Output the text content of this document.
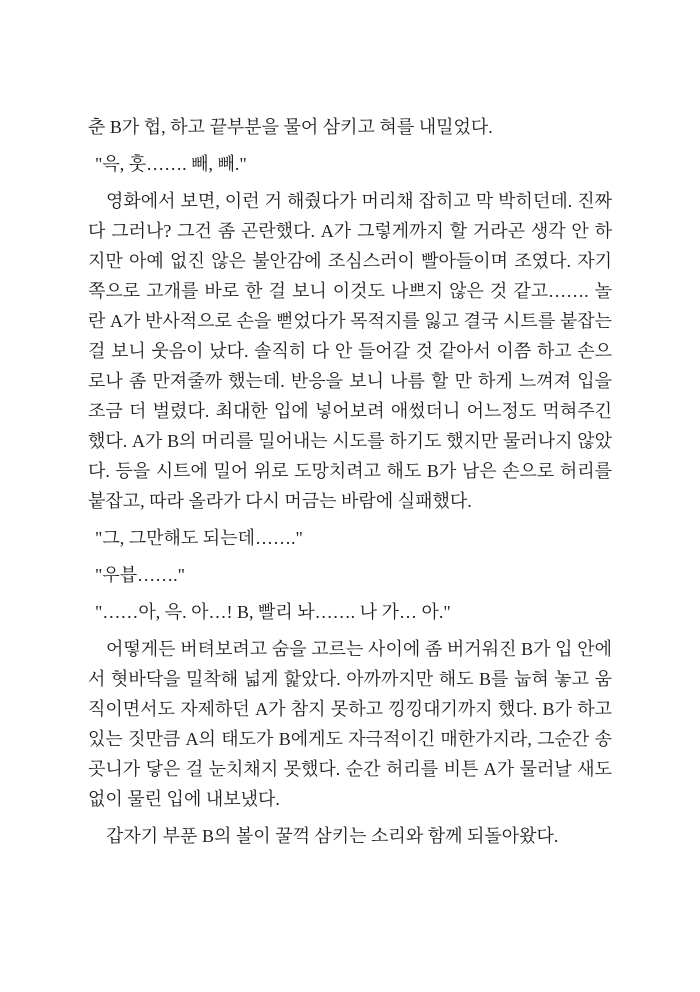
춘 B가 헙, 하고 끝부분을 물어 삼키고 혀를 내밀었다.

"윽, 훗……. 빼, 빼."

영화에서 보면, 이런 거 해줬다가 머리채 잡히고 막 박히던데. 진짜 다 그러나? 그건 좀 곤란했다. A가 그렇게까지 할 거라곤 생각 안 하지만 아예 없진 않은 불안감에 조심스러이 빨아들이며 조였다. 자기 쪽으로 고개를 바로 한 걸 보니 이것도 나쁘지 않은 것 같고……. 놀란 A가 반사적으로 손을 뻗었다가 목적지를 잃고 결국 시트를 붙잡는 걸 보니 웃음이 났다. 솔직히 다 안 들어갈 것 같아서 이쯤 하고 손으로나 좀 만져줄까 했는데. 반응을 보니 나름 할 만 하게 느껴져 입을 조금 더 벌렸다. 최대한 입에 넣어보려 애썼더니 어느정도 먹혀주긴 했다. A가 B의 머리를 밀어내는 시도를 하기도 했지만 물러나지 않았다. 등을 시트에 밀어 위로 도망치려고 해도 B가 남은 손으로 허리를 붙잡고, 따라 올라가 다시 머금는 바람에 실패했다.

"그, 그만해도 되는데……."

"우븝……."

"……아, 윽. 아…! B, 빨리 놔……. 나 가… 아."

어떻게든 버텨보려고 숨을 고르는 사이에 좀 버거워진 B가 입 안에서 혓바닥을 밀착해 넓게 핥았다. 아까까지만 해도 B를 눕혀 놓고 움직이면서도 자제하던 A가 참지 못하고 낑낑대기까지 했다. B가 하고 있는 짓만큼 A의 태도가 B에게도 자극적이긴 매한가지라, 그순간 송곳니가 닿은 걸 눈치채지 못했다. 순간 허리를 비튼 A가 물러날 새도 없이 물린 입에 내보냈다.

갑자기 부푼 B의 볼이 꿀꺽 삼키는 소리와 함께 되돌아왔다.
